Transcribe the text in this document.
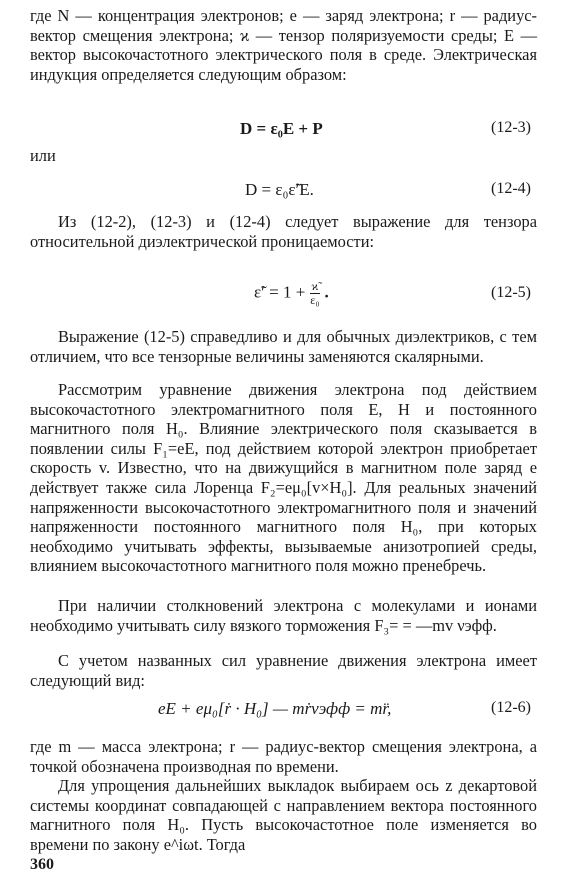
где N — концентрация электронов; e — заряд электрона; r — радиус-вектор смещения электрона; ϰ — тензор поляризуемости среды; E — вектор высокочастотного электрического поля в среде. Электрическая индукция определяется следующим образом:

D = ε₀E + P	(12-3)
или
D = ε₀ε̃′E.	(12-4)

Из (12-2), (12-3) и (12-4) следует выражение для тензора относительной диэлектрической проницаемости:

ε̃′ = $1 + \frac{ϰ̃}{\text{ε₀}}$ .	(12-5)

Выражение (12-5) справедливо и для обычных диэлектриков, с тем отличием, что все тензорные величины заменяются скалярными.

Рассмотрим уравнение движения электрона под действием высокочастотного электромагнитного поля E, H и постоянного магнитного поля H₀. Влияние электрического поля сказывается в появлении силы F₁=eE, под действием которой электрон приобретает скорость v. Известно, что на движущийся в магнитном поле заряд e действует также сила Лоренца F₂=eμ₀[v×H₀]. Для реальных значений напряженности высокочастотного электромагнитного поля и значений напряженности постоянного магнитного поля H₀, при которых необходимо учитывать эффекты, вызываемые анизотропией среды, влиянием высокочастотного магнитного поля можно пренебречь.

При наличии столкновений электрона с молекулами и ионами необходимо учитывать силу вязкого торможения F₃= = —mv νэфф.

С учетом названных сил уравнение движения электрона имеет следующий вид:

eE + eμ₀[ṙ · H₀] — mṙνэфф = mr̈,	(12-6)

где m — масса электрона; r — радиус-вектор смещения электрона, а точкой обозначена производная по времени.

Для упрощения дальнейших выкладок выбираем ось z декартовой системы координат совпадающей с направлением вектора постоянного магнитного поля H₀. Пусть высокочастотное поле изменяется во времени по закону e^iωt. Тогда

360
